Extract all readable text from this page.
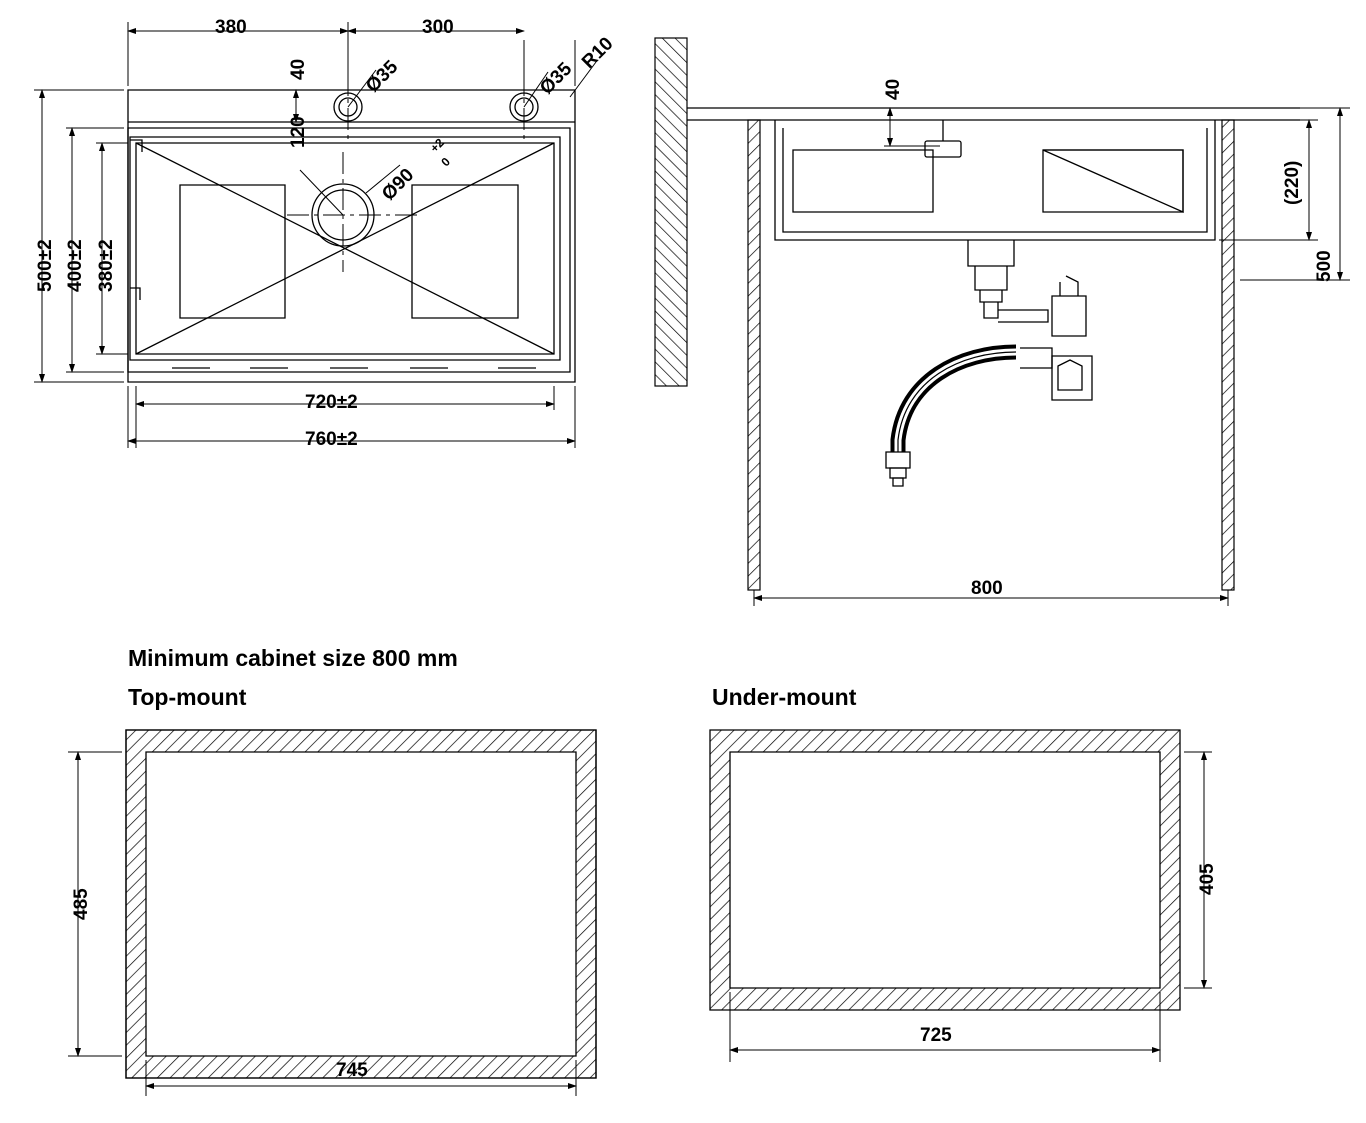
380	300
40	Ø35	Ø35
R10
120
Ø90
+2
0
500±2 400±2 380±2
720±2
760±2
40
(220)
500
800
Minimum cabinet size 800 mm
Top-mount	Under-mount
485
745
405
725
